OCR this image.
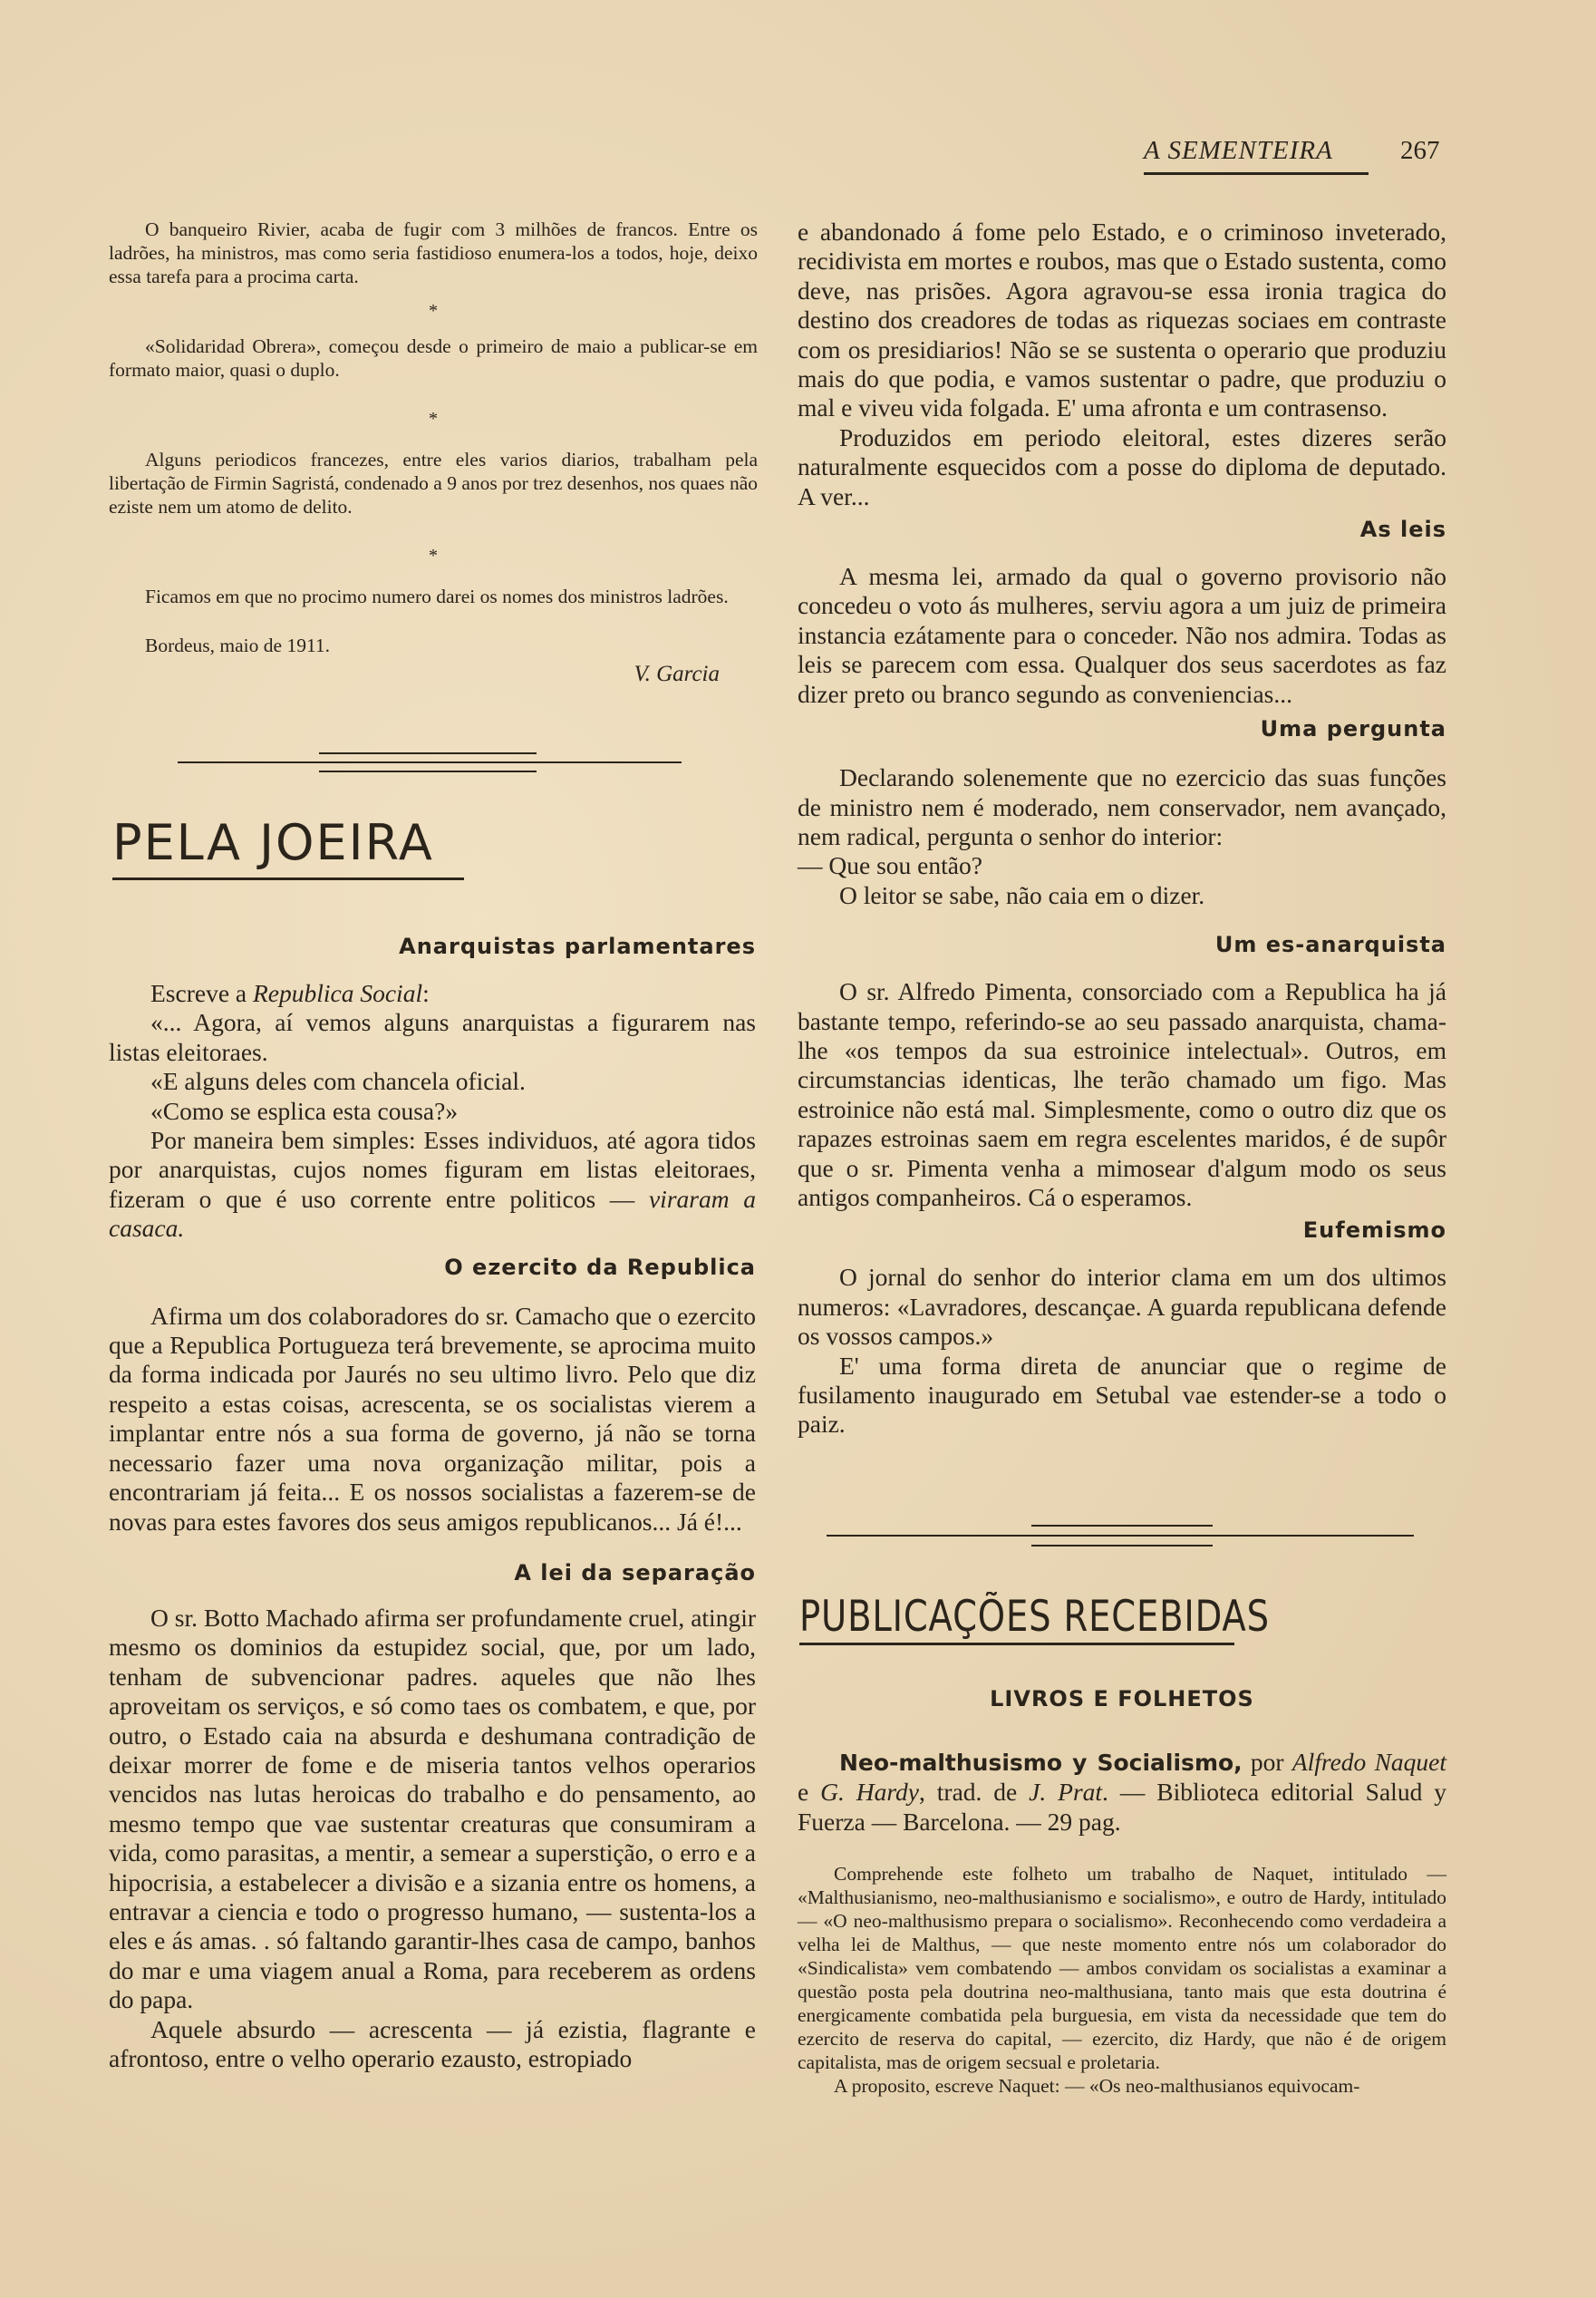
A SEMENTEIRA	267

O banqueiro Rivier, acaba de fugir com 3 milhões de francos. Entre os ladrões, ha ministros, mas como seria fastidioso enumera-los a todos, hoje, deixo essa tarefa para a procima carta.

*

«Solidaridad Obrera», começou desde o primeiro de maio a publicar-se em formato maior, quasi o duplo.

*

Alguns periodicos francezes, entre eles varios diarios, trabalham pela libertação de Firmin Sagristá, condenado a 9 anos por trez desenhos, nos quaes não eziste nem um atomo de delito.

*

Ficamos em que no procimo numero darei os nomes dos ministros ladrões.

Bordeus, maio de 1911.

V. Garcia

PELA JOEIRA

Anarquistas parlamentares

Escreve a Republica Social:

«... Agora, aí vemos alguns anarquistas a figurarem nas listas eleitoraes.

«E alguns deles com chancela oficial.

«Como se esplica esta cousa?»

Por maneira bem simples: Esses individuos, até agora tidos por anarquistas, cujos nomes figuram em listas eleitoraes, fizeram o que é uso corrente entre politicos — viraram a casaca.

O ezercito da Republica

Afirma um dos colaboradores do sr. Camacho que o ezercito que a Republica Portugueza terá brevemente, se aprocima muito da forma indicada por Jaurés no seu ultimo livro. Pelo que diz respeito a estas coisas, acrescenta, se os socialistas vierem a implantar entre nós a sua forma de governo, já não se torna necessario fazer uma nova organização militar, pois a encontrariam já feita... E os nossos socialistas a fazerem-se de novas para estes favores dos seus amigos republicanos... Já é!...

A lei da separação

O sr. Botto Machado afirma ser profundamente cruel, atingir mesmo os dominios da estupidez social, que, por um lado, tenham de subvencionar padres. aqueles que não lhes aproveitam os serviços, e só como taes os combatem, e que, por outro, o Estado caia na absurda e deshumana contradição de deixar morrer de fome e de miseria tantos velhos operarios vencidos nas lutas heroicas do trabalho e do pensamento, ao mesmo tempo que vae sustentar creaturas que consumiram a vida, como parasitas, a mentir, a semear a superstição, o erro e a hipocrisia, a estabelecer a divisão e a sizania entre os homens, a entravar a ciencia e todo o progresso humano, — sustenta-los a eles e ás amas. . só faltando garantir-lhes casa de campo, banhos do mar e uma viagem anual a Roma, para receberem as ordens do papa.

Aquele absurdo — acrescenta — já ezistia, flagrante e afrontoso, entre o velho operario ezausto, estropiado

e abandonado á fome pelo Estado, e o criminoso inveterado, recidivista em mortes e roubos, mas que o Estado sustenta, como deve, nas prisões. Agora agravou-se essa ironia tragica do destino dos creadores de todas as riquezas sociaes em contraste com os presidiarios! Não se se sustenta o operario que produziu mais do que podia, e vamos sustentar o padre, que produziu o mal e viveu vida folgada. E' uma afronta e um contrasenso.

Produzidos em periodo eleitoral, estes dizeres serão naturalmente esquecidos com a posse do diploma de deputado. A ver...

As leis

A mesma lei, armado da qual o governo provisorio não concedeu o voto ás mulheres, serviu agora a um juiz de primeira instancia ezátamente para o conceder. Não nos admira. Todas as leis se parecem com essa. Qualquer dos seus sacerdotes as faz dizer preto ou branco segundo as conveniencias...

Uma pergunta

Declarando solenemente que no ezercicio das suas funções de ministro nem é moderado, nem conservador, nem avançado, nem radical, pergunta o senhor do interior:

— Que sou então?

O leitor se sabe, não caia em o dizer.

Um es-anarquista

O sr. Alfredo Pimenta, consorciado com a Republica ha já bastante tempo, referindo-se ao seu passado anarquista, chama-lhe «os tempos da sua estroinice intelectual». Outros, em circumstancias identicas, lhe terão chamado um figo. Mas estroinice não está mal. Simplesmente, como o outro diz que os rapazes estroinas saem em regra escelentes maridos, é de supôr que o sr. Pimenta venha a mimosear d'algum modo os seus antigos companheiros. Cá o esperamos.

Eufemismo

O jornal do senhor do interior clama em um dos ultimos numeros: «Lavradores, descançae. A guarda republicana defende os vossos campos.»

E' uma forma direta de anunciar que o regime de fusilamento inaugurado em Setubal vae estender-se a todo o paiz.

PUBLICAÇÕES RECEBIDAS

LIVROS E FOLHETOS

Neo-malthusismo y Socialismo, por Alfredo Naquet e G. Hardy, trad. de J. Prat. — Biblioteca editorial Salud y Fuerza — Barcelona. — 29 pag.

Comprehende este folheto um trabalho de Naquet, intitulado — «Malthusianismo, neo-malthusianismo e socialismo», e outro de Hardy, intitulado — «O neo-malthusismo prepara o socialismo». Reconhecendo como verdadeira a velha lei de Malthus, — que neste momento entre nós um colaborador do «Sindicalista» vem combatendo — ambos convidam os socialistas a examinar a questão posta pela doutrina neo-malthusiana, tanto mais que esta doutrina é energicamente combatida pela burguesia, em vista da necessidade que tem do ezercito de reserva do capital, — ezercito, diz Hardy, que não é de origem capitalista, mas de origem secsual e proletaria.

A proposito, escreve Naquet: — «Os neo-malthusianos equivocam-
